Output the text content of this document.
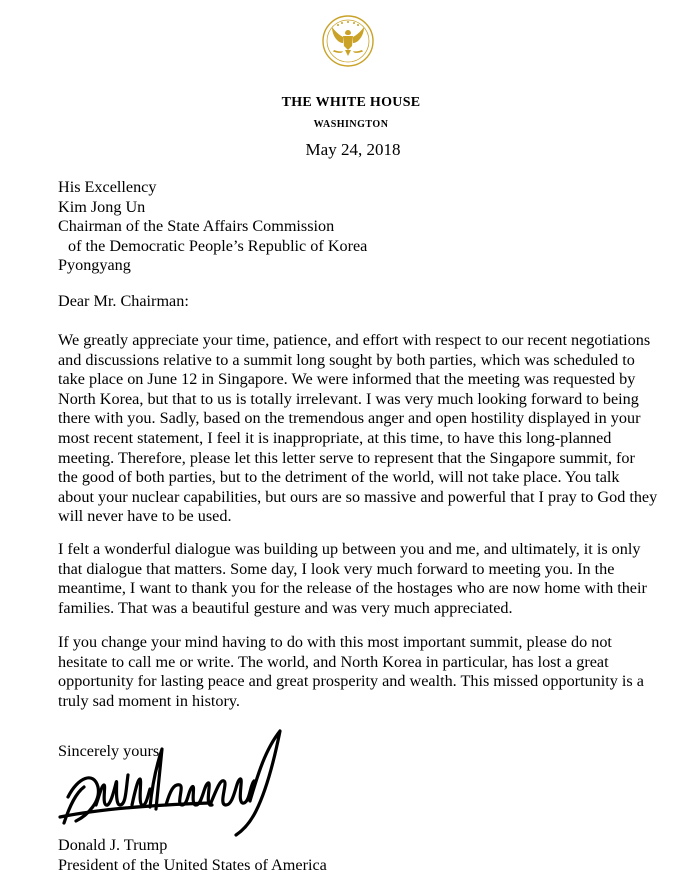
THE WHITE HOUSE
WASHINGTON
May 24, 2018
His Excellency
Kim Jong Un
Chairman of the State Affairs Commission
of the Democratic People’s Republic of Korea
Pyongyang
Dear Mr. Chairman:
We greatly appreciate your time, patience, and effort with respect to our recent negotiations and discussions relative to a summit long sought by both parties, which was scheduled to take place on June 12 in Singapore. We were informed that the meeting was requested by North Korea, but that to us is totally irrelevant. I was very much looking forward to being there with you. Sadly, based on the tremendous anger and open hostility displayed in your most recent statement, I feel it is inappropriate, at this time, to have this long-planned meeting. Therefore, please let this letter serve to represent that the Singapore summit, for the good of both parties, but to the detriment of the world, will not take place. You talk about your nuclear capabilities, but ours are so massive and powerful that I pray to God they will never have to be used.
I felt a wonderful dialogue was building up between you and me, and ultimately, it is only that dialogue that matters. Some day, I look very much forward to meeting you. In the meantime, I want to thank you for the release of the hostages who are now home with their families. That was a beautiful gesture and was very much appreciated.
If you change your mind having to do with this most important summit, please do not hesitate to call me or write. The world, and North Korea in particular, has lost a great opportunity for lasting peace and great prosperity and wealth. This missed opportunity is a truly sad moment in history.
Sincerely yours,
Donald J. Trump
President of the United States of America
